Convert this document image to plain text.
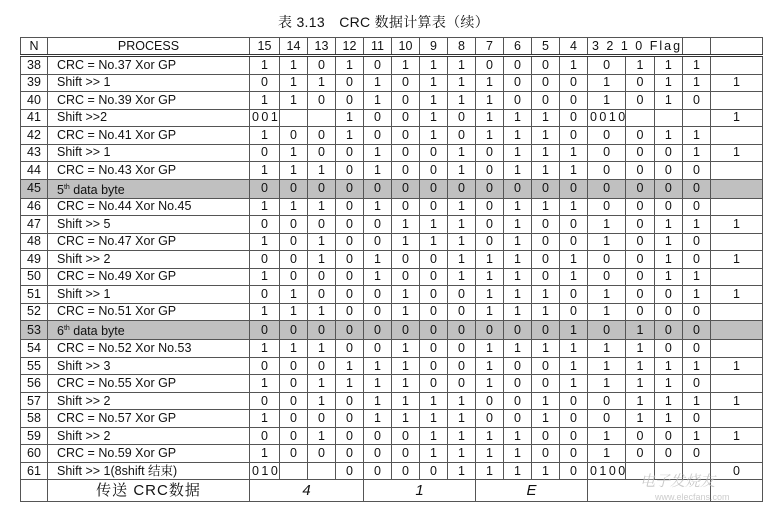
表 3.13　CRC 数据计算表（续）
N	PROCESS	15	14	13	12	11	10	9	8	7	6	5	4	3 2 1 0 Flag				
38	CRC = No.37 Xor GP	1	1	0	1	0	1	1	1	0	0	0	1	0	1	1	1	
39	Shift >> 1	0	1	1	0	1	0	1	1	1	0	0	0	1	0	1	1	1
40	CRC = No.39 Xor GP	1	1	0	0	1	0	1	1	1	0	0	0	1	0	1	0	
41	Shift >>2	0 0 1			1	0	0	1	0	1	1	1	0	0 0 1 0				1
42	CRC = No.41 Xor GP	1	0	0	1	0	0	1	0	1	1	1	0	0	0	1	1	
43	Shift >> 1	0	1	0	0	1	0	0	1	0	1	1	1	0	0	0	1	1
44	CRC = No.43 Xor GP	1	1	1	0	1	0	0	1	0	1	1	1	0	0	0	0	
45	5th data byte	0	0	0	0	0	0	0	0	0	0	0	0	0	0	0	0	
46	CRC = No.44 Xor No.45	1	1	1	0	1	0	0	1	0	1	1	1	0	0	0	0	
47	Shift >> 5	0	0	0	0	0	1	1	1	0	1	0	0	1	0	1	1	1
48	CRC = No.47 Xor GP	1	0	1	0	0	1	1	1	0	1	0	0	1	0	1	0	
49	Shift >> 2	0	0	1	0	1	0	0	1	1	1	0	1	0	0	1	0	1
50	CRC = No.49 Xor GP	1	0	0	0	1	0	0	1	1	1	0	1	0	0	1	1	
51	Shift >> 1	0	1	0	0	0	1	0	0	1	1	1	0	1	0	0	1	1
52	CRC = No.51 Xor GP	1	1	1	0	0	1	0	0	1	1	1	0	1	0	0	0	
53	6th data byte	0	0	0	0	0	0	0	0	0	0	0	1	0	1	0	0	
54	CRC = No.52 Xor No.53	1	1	1	0	0	1	0	0	1	1	1	1	1	1	0	0	
55	Shift >> 3	0	0	0	1	1	1	0	0	1	0	0	1	1	1	1	1	1
56	CRC = No.55 Xor GP	1	0	1	1	1	1	0	0	1	0	0	1	1	1	1	0	
57	Shift >> 2	0	0	1	0	1	1	1	1	0	0	1	0	0	1	1	1	1
58	CRC = No.57 Xor GP	1	0	0	0	1	1	1	1	0	0	1	0	0	1	1	0	
59	Shift >> 2	0	0	1	0	0	0	1	1	1	1	0	0	1	0	0	1	1
60	CRC = No.59 Xor GP	1	0	0	0	0	0	1	1	1	1	0	0	1	0	0	0	
61	Shift >> 1(8shift 结束)	0 1 0			0	0	0	0	1	1	1	1	0	0 1 0 0				0
	传送 CRC数据	4				1				E								
电子发烧友
www.elecfans.com
